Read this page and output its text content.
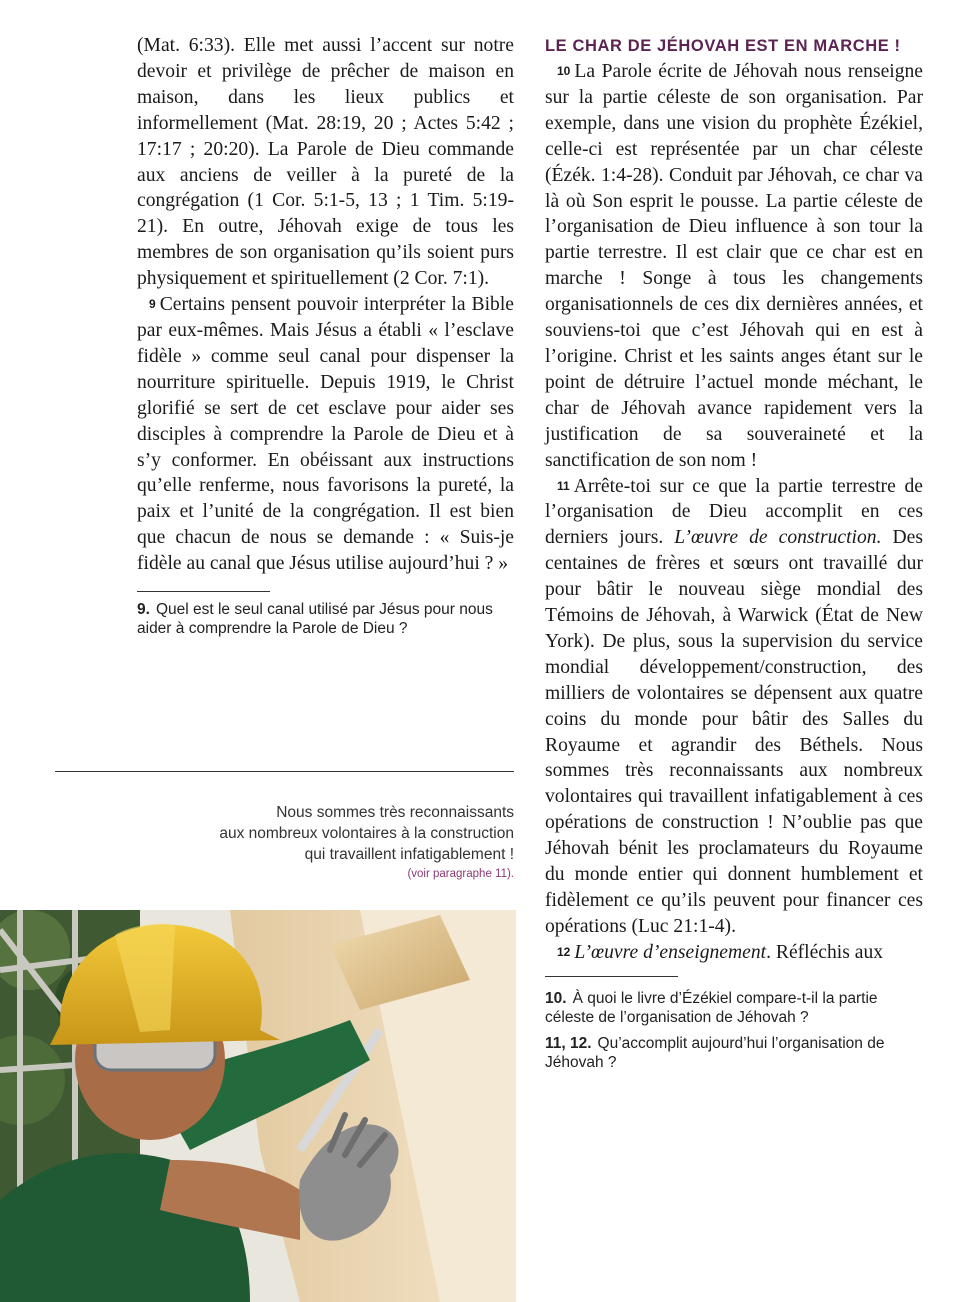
(Mat. 6:33). Elle met aussi l’accent sur notre devoir et privilège de prêcher de maison en maison, dans les lieux publics et informellement (Mat. 28:19, 20 ; Actes 5:42 ; 17:17 ; 20:20). La Parole de Dieu commande aux anciens de veiller à la pureté de la congrégation (1 Cor. 5:1-5, 13 ; 1 Tim. 5:19-21). En outre, Jéhovah exige de tous les membres de son organisation qu’ils soient purs physiquement et spirituellement (2 Cor. 7:1).

9 Certains pensent pouvoir interpréter la Bible par eux-mêmes. Mais Jésus a établi « l’esclave fidèle » comme seul canal pour dispenser la nourriture spirituelle. Depuis 1919, le Christ glorifié se sert de cet esclave pour aider ses disciples à comprendre la Parole de Dieu et à s’y conformer. En obéissant aux instructions qu’elle renferme, nous favorisons la pureté, la paix et l’unité de la congrégation. Il est bien que chacun de nous se demande : « Suis-je fidèle au canal que Jésus utilise aujourd’hui ? »

9. Quel est le seul canal utilisé par Jésus pour nous aider à comprendre la Parole de Dieu ?
Nous sommes très reconnaissants
aux nombreux volontaires à la construction
qui travaillent infatigablement !
(voir paragraphe 11).

LE CHAR DE JÉHOVAH EST EN MARCHE !

10 La Parole écrite de Jéhovah nous renseigne sur la partie céleste de son organisation. Par exemple, dans une vision du prophète Ézékiel, celle-ci est représentée par un char céleste (Ézék. 1:4-28). Conduit par Jéhovah, ce char va là où Son esprit le pousse. La partie céleste de l’organisation de Dieu influence à son tour la partie terrestre. Il est clair que ce char est en marche ! Songe à tous les changements organisationnels de ces dix dernières années, et souviens-toi que c’est Jéhovah qui en est à l’origine. Christ et les saints anges étant sur le point de détruire l’actuel monde méchant, le char de Jéhovah avance rapidement vers la justification de sa souveraineté et la sanctification de son nom !

11 Arrête-toi sur ce que la partie terrestre de l’organisation de Dieu accomplit en ces derniers jours. L’œuvre de construction. Des centaines de frères et sœurs ont travaillé dur pour bâtir le nouveau siège mondial des Témoins de Jéhovah, à Warwick (État de New York). De plus, sous la supervision du service mondial développement/construction, des milliers de volontaires se dépensent aux quatre coins du monde pour bâtir des Salles du Royaume et agrandir des Béthels. Nous sommes très reconnaissants aux nombreux volontaires qui travaillent infatigablement à ces opérations de construction ! N’oublie pas que Jéhovah bénit les proclamateurs du Royaume du monde entier qui donnent humblement et fidèlement ce qu’ils peuvent pour financer ces opérations (Luc 21:1-4).

12 L’œuvre d’enseignement. Réfléchis aux

10. À quoi le livre d’Ézékiel compare-t-il la partie céleste de l’organisation de Jéhovah ?
11, 12. Qu’accomplit aujourd’hui l’organisation de Jéhovah ?
